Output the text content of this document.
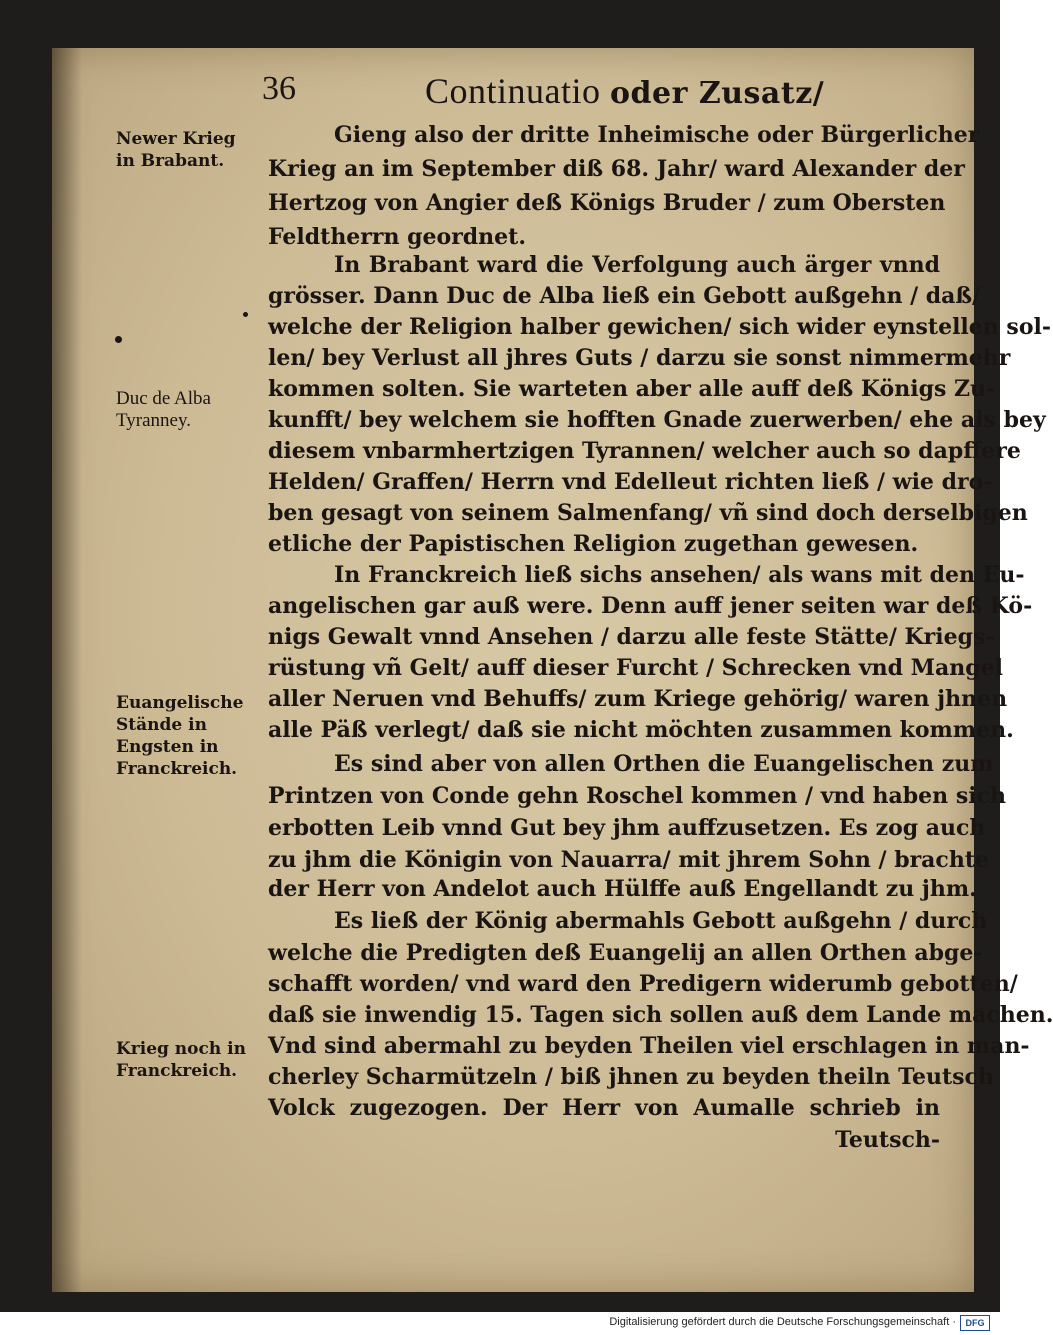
36	Continuatio oder Zusatz/
Newer Krieg in Brabant.
Duc de Alba Tyranney.
Euangelische Stände in Engsten in Franckreich.
Krieg noch in Franckreich.
Gieng also der dritte Inheimische oder Bürgerlicher
Krieg an im September diß 68. Jahr/ ward Alexander der
Hertzog von Angier deß Königs Bruder / zum Obersten
Feldtherrn geordnet.
In Brabant ward die Verfolgung auch ärger vnnd
grösser. Dann Duc de Alba ließ ein Gebott außgehn / daß/
welche der Religion halber gewichen/ sich wider eynstellen sol-
len/ bey Verlust all jhres Guts / darzu sie sonst nimmermehr
kommen solten. Sie warteten aber alle auff deß Königs Zu-
kunfft/ bey welchem sie hofften Gnade zuerwerben/ ehe als bey
diesem vnbarmhertzigen Tyrannen/ welcher auch so dapffere
Helden/ Graffen/ Herrn vnd Edelleut richten ließ / wie dro-
ben gesagt von seinem Salmenfang/ vñ sind doch derselbigen
etliche der Papistischen Religion zugethan gewesen.
In Franckreich ließ sichs ansehen/ als wans mit den Eu-
angelischen gar auß were. Denn auff jener seiten war deß Kö-
nigs Gewalt vnnd Ansehen / darzu alle feste Stätte/ Kriegs-
rüstung vñ Gelt/ auff dieser Furcht / Schrecken vnd Mangel
aller Neruen vnd Behuffs/ zum Kriege gehörig/ waren jhnen
alle Päß verlegt/ daß sie nicht möchten zusammen kommen.
Es sind aber von allen Orthen die Euangelischen zum
Printzen von Conde gehn Roschel kommen / vnd haben sich
erbotten Leib vnnd Gut bey jhm auffzusetzen. Es zog auch
zu jhm die Königin von Nauarra/ mit jhrem Sohn / brachte
der Herr von Andelot auch Hülffe auß Engellandt zu jhm.
Es ließ der König abermahls Gebott außgehn / durch
welche die Predigten deß Euangelij an allen Orthen abge-
schafft worden/ vnd ward den Predigern widerumb gebotten/
daß sie inwendig 15. Tagen sich sollen auß dem Lande machen.
Vnd sind abermahl zu beyden Theilen viel erschlagen in man-
cherley Scharmützeln / biß jhnen zu beyden theiln Teutsch
Volck zugezogen. Der Herr von Aumalle schrieb in
Teutsch-
Digitalisierung gefördert durch die Deutsche Forschungsgemeinschaft ·	DFG
